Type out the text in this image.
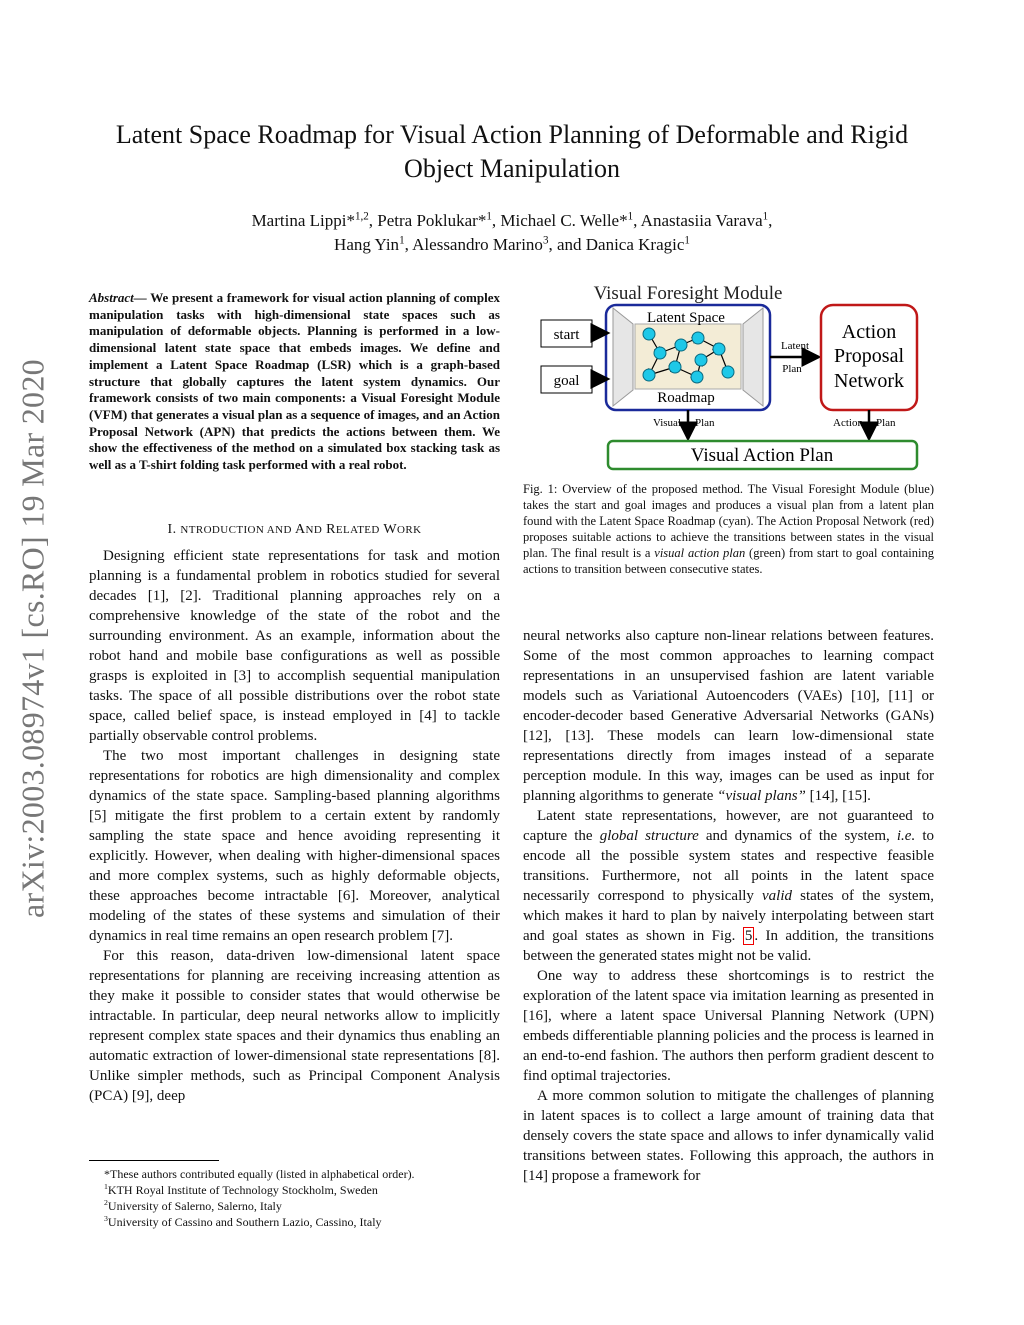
arXiv:2003.08974v1 [cs.RO] 19 Mar 2020
Latent Space Roadmap for Visual Action Planning of Deformable and Rigid Object Manipulation
Martina Lippi*$^{1,2}$, Petra Poklukar*$^1$, Michael C. Welle*$^1$, Anastasiia Varava$^1$,
Hang Yin$^1$, Alessandro Marino$^3$, and Danica Kragic$^1$
Abstract— We present a framework for visual action planning of complex manipulation tasks with high-dimensional state spaces such as manipulation of deformable objects. Planning is performed in a low-dimensional latent state space that embeds images. We define and implement a Latent Space Roadmap (LSR) which is a graph-based structure that globally captures the latent system dynamics. Our framework consists of two main components: a Visual Foresight Module (VFM) that generates a visual plan as a sequence of images, and an Action Proposal Network (APN) that predicts the actions between them. We show the effectiveness of the method on a simulated box stacking task as well as a T-shirt folding task performed with a real robot.
I. NTRODUCTION AND AND RELATED WORK

Designing efficient state representations for task and motion planning is a fundamental problem in robotics studied for several decades [1], [2]. Traditional planning approaches rely on a comprehensive knowledge of the state of the robot and the surrounding environment. As an example, information about the robot hand and mobile base configurations as well as possible grasps is exploited in [3] to accomplish sequential manipulation tasks. The space of all possible distributions over the robot state space, called belief space, is instead employed in [4] to tackle partially observable control problems.

The two most important challenges in designing state representations for robotics are high dimensionality and complex dynamics of the state space. Sampling-based planning algorithms [5] mitigate the first problem to a certain extent by randomly sampling the state space and hence avoiding representing it explicitly. However, when dealing with higher-dimensional spaces and more complex systems, such as highly deformable objects, these approaches become intractable [6]. Moreover, analytical modeling of the states of these systems and simulation of their dynamics in real time remains an open research problem [7].

For this reason, data-driven low-dimensional latent space representations for planning are receiving increasing attention as they make it possible to consider states that would otherwise be intractable. In particular, deep neural networks allow to implicitly represent complex state spaces and their dynamics thus enabling an automatic extraction of lower-dimensional state representations [8]. Unlike simpler methods, such as Principal Component Analysis (PCA) [9], deep

*These authors contributed equally (listed in alphabetical order).
$^1$KTH Royal Institute of Technology Stockholm, Sweden
$^2$University of Salerno, Salerno, Italy
$^3$University of Cassino and Southern Lazio, Cassino, Italy
Visual Foresight Module
start
goal
Latent Space
Roadmap
Latent
Plan
Action
Proposal
Network
Visual Plan	Action Plan
Visual Action Plan
Fig. 1: Overview of the proposed method. The Visual Foresight Module (blue) takes the start and goal images and produces a visual plan from a latent plan found with the Latent Space Roadmap (cyan). The Action Proposal Network (red) proposes suitable actions to achieve the transitions between states in the visual plan. The final result is a visual action plan (green) from start to goal containing actions to transition between consecutive states.

neural networks also capture non-linear relations between features. Some of the most common approaches to learning compact representations in an unsupervised fashion are latent variable models such as Variational Autoencoders (VAEs) [10], [11] or encoder-decoder based Generative Adversarial Networks (GANs) [12], [13]. These models can learn low-dimensional state representations directly from images instead of a separate perception module. In this way, images can be used as input for planning algorithms to generate “visual plans” [14], [15].

Latent state representations, however, are not guaranteed to capture the global structure and dynamics of the system, i.e. to encode all the possible system states and respective feasible transitions. Furthermore, not all points in the latent space necessarily correspond to physically valid states of the system, which makes it hard to plan by naively interpolating between start and goal states as shown in Fig. 5 . In addition, the transitions between the generated states might not be valid.

One way to address these shortcomings is to restrict the exploration of the latent space via imitation learning as presented in [16], where a latent space Universal Planning Network (UPN) embeds differentiable planning policies and the process is learned in an end-to-end fashion. The authors then perform gradient descent to find optimal trajectories.

A more common solution to mitigate the challenges of planning in latent spaces is to collect a large amount of training data that densely covers the state space and allows to infer dynamically valid transitions between states. Following this approach, the authors in [14] propose a framework for
